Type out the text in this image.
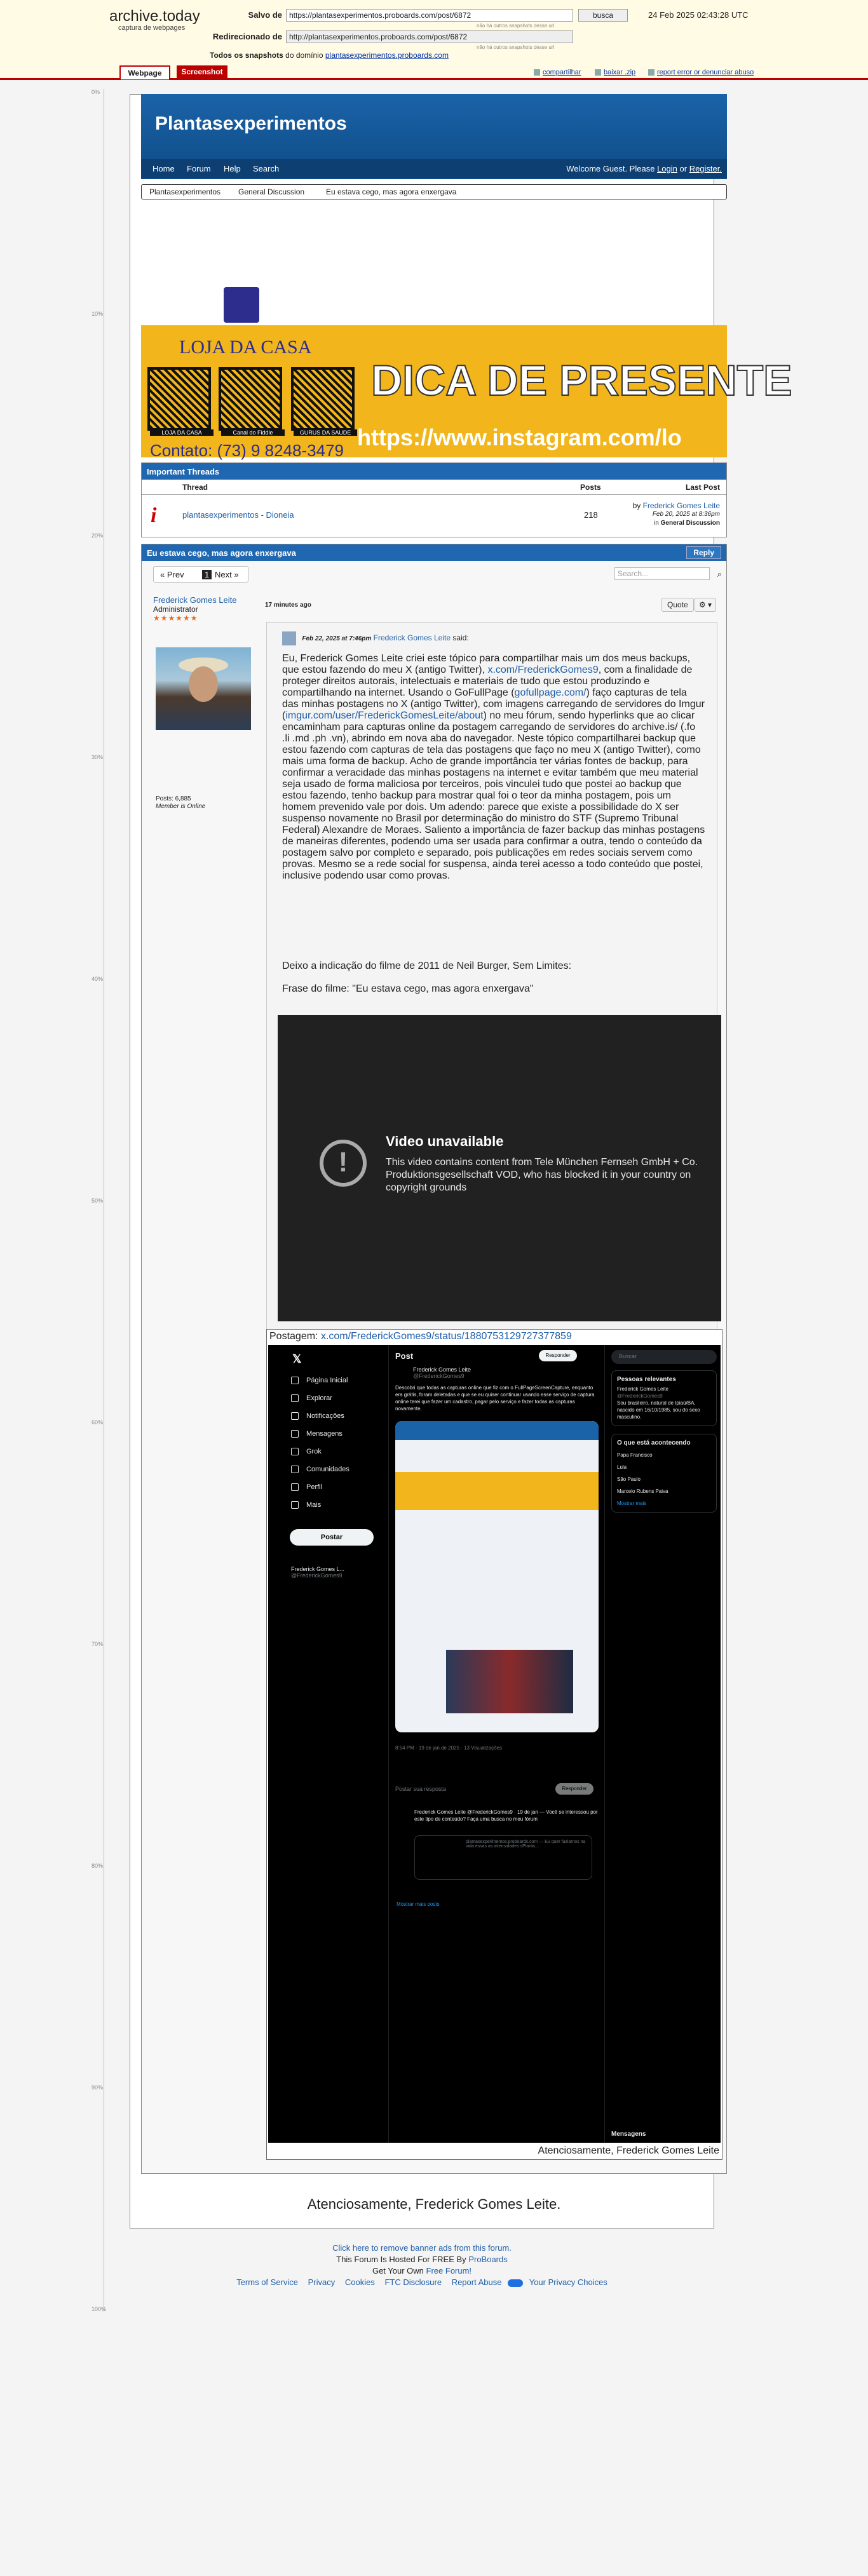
archive.today
captura de webpages
Salvo de https://plantasexperimentos.proboards.com/post/6872	busca
não há outros snapshots desse url
24 Feb 2025 02:43:28 UTC
Redirecionado de http://plantasexperimentos.proboards.com/post/6872
não há outros snapshots desse url
Todos os snapshots do domínio plantasexperimentos.proboards.com
Webpage	Screenshot	compartilhar	baixar .zip	report error or denunciar abuso
0%
10%
20%
30%
40%
50%
60%
70%
80%
90%
100%
Plantasexperimentos
Home Forum Help Search	Welcome Guest. Please Login or Register.
Plantasexperimentos General Discussion	Eu estava cego, mas agora enxergava
LOJA DA CASA
LOJA DA CASA	Canal do Fiddle	GURUS DA SAUDE
DICA DE PRESENTE
https://www.instagram.com/lo
Contato: (73) 9 8248-3479
Important Threads
Thread	Posts	Last Post
i	plantasexperimentos - Dioneia	218
by Frederick Gomes Leite
Feb 20, 2025 at 8:36pm
in General Discussion
Eu estava cego, mas agora enxergava	Reply
« Prev	1 Next »	Search...	⌕
Frederick Gomes Leite
Administrator
★★★★★★
Posts: 6,885
Member is Online
17 minutes ago	Quote	⚙ ▾
Feb 22, 2025 at 7:46pm Frederick Gomes Leite said:
Eu, Frederick Gomes Leite criei este tópico para compartilhar mais um dos meus backups, que estou fazendo do meu X (antigo Twitter), x.com/FrederickGomes9, com a finalidade de proteger direitos autorais, intelectuais e materiais de tudo que estou produzindo e compartilhando na internet. Usando o GoFullPage (gofullpage.com/) faço capturas de tela das minhas postagens no X (antigo Twitter), com imagens carregando de servidores do Imgur (imgur.com/user/FrederickGomesLeite/about) no meu fórum, sendo hyperlinks que ao clicar encaminham para capturas online da postagem carregando de servidores do archive.is/ (.fo .li .md .ph .vn), abrindo em nova aba do navegador. Neste tópico compartilharei backup que estou fazendo com capturas de tela das postagens que faço no meu X (antigo Twitter), como mais uma forma de backup. Acho de grande importância ter várias fontes de backup, para confirmar a veracidade das minhas postagens na internet e evitar também que meu material seja usado de forma maliciosa por terceiros, pois vinculei tudo que postei ao backup que estou fazendo, tenho backup para mostrar qual foi o teor da minha postagem, pois um homem prevenido vale por dois. Um adendo: parece que existe a possibilidade do X ser suspenso novamente no Brasil por determinação do ministro do STF (Supremo Tribunal Federal) Alexandre de Moraes. Saliento a importância de fazer backup das minhas postagens de maneiras diferentes, podendo uma ser usada para confirmar a outra, tendo o conteúdo da postagem salvo por completo e separado, pois publicações em redes sociais servem como provas. Mesmo se a rede social for suspensa, ainda terei acesso a todo conteúdo que postei, inclusive podendo usar como provas.
Deixo a indicação do filme de 2011 de Neil Burger, Sem Limites:
Frase do filme: "Eu estava cego, mas agora enxergava"
!
Video unavailable
This video contains content from Tele München Fernseh GmbH + Co. Produktionsgesellschaft VOD, who has blocked it in your country on copyright grounds
Postagem: x.com/FrederickGomes9/status/1880753129727377859
𝕏
Página Inicial
Explorar
Notificações
Mensagens
Grok
Comunidades
Perfil
Mais
Postar
Frederick Gomes L...
@FrederickGomes9
Post	Responder
Frederick Gomes Leite
@FrederickGomes9
Descobri que todas as capturas online que fiz com o FullPageScreenCapture, enquanto era grátis, foram deletadas e que se eu quiser continuar usando esse serviço de captura online terei que fazer um cadastro, pagar pelo serviço e fazer todas as capturas novamente.
8:54 PM · 19 de jan de 2025 · 13 Visualizações
Postar sua resposta	Responder
Frederick Gomes Leite @FrederickGomes9 · 19 de jan — Você se interessou por este tipo de conteúdo? Faça uma busca no meu fórum
plantasexperimentos.proboards.com — Eu quer faziamos na vida essas as intensidades sPlanta...
Mostrar mais posts
Buscar
Pessoas relevantes
Frederick Gomes Leite
@FrederickGomes9
Sou brasileiro, natural de Ipiaú/BA, nascido em 16/10/1985, sou do sexo masculino.
O que está acontecendo
Papa Francisco
Lula
São Paulo
Marcelo Rubens Paiva
Mostrar mais
Mensagens
Atenciosamente, Frederick Gomes Leite
Atenciosamente, Frederick Gomes Leite.
Click here to remove banner ads from this forum.
This Forum Is Hosted For FREE By ProBoards
Get Your Own Free Forum!
Terms of Service Privacy Cookies FTC Disclosure Report Abuse	Your Privacy Choices
